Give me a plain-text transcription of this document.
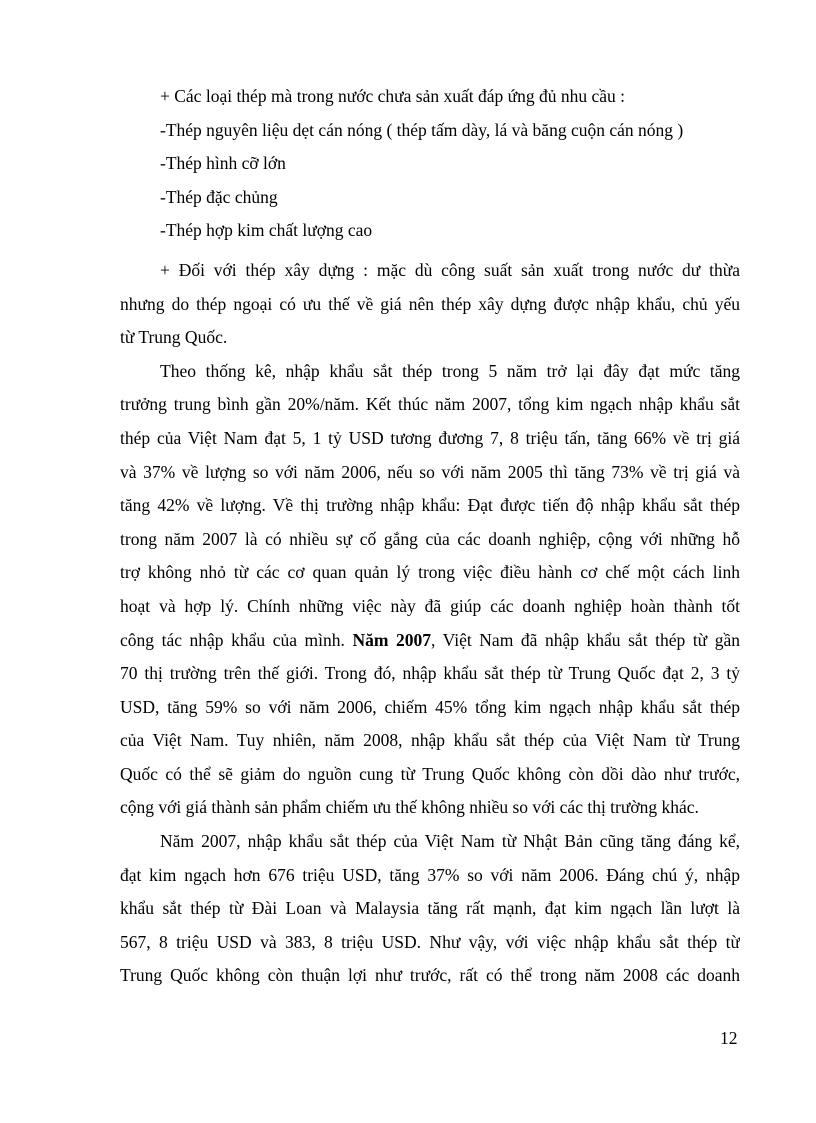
+ Các loại thép mà trong nước chưa sản xuất đáp ứng đủ nhu cầu :
-Thép nguyên liệu dẹt cán nóng ( thép tấm dày, lá và băng cuộn cán nóng )
-Thép hình cỡ lớn
-Thép đặc chủng
-Thép hợp kim chất lượng cao
+ Đối với thép xây dựng : mặc dù công suất sản xuất trong nước dư thừa
nhưng do thép ngoại có ưu thế về giá nên thép xây dựng được nhập khẩu, chủ yếu
từ Trung Quốc.
Theo thống kê, nhập khẩu sắt thép trong 5 năm trở lại đây đạt mức tăng
trưởng trung bình gần 20%/năm. Kết thúc năm 2007, tổng kim ngạch nhập khẩu sắt
thép của Việt Nam đạt 5, 1 tỷ USD tương đương 7, 8 triệu tấn, tăng 66% về trị giá
và 37% về lượng so với năm 2006, nếu so với năm 2005 thì tăng 73% về trị giá và
tăng 42% về lượng. Về thị trường nhập khẩu: Đạt được tiến độ nhập khẩu sắt thép
trong năm 2007 là có nhiều sự cố gắng của các doanh nghiệp, cộng với những hỗ
trợ không nhỏ từ các cơ quan quản lý trong việc điều hành cơ chế một cách linh
hoạt và hợp lý. Chính những việc này đã giúp các doanh nghiệp hoàn thành tốt
công tác nhập khẩu của mình. Năm 2007, Việt Nam đã nhập khẩu sắt thép từ gần
70 thị trường trên thế giới. Trong đó, nhập khẩu sắt thép từ Trung Quốc đạt 2, 3 tỷ
USD, tăng 59% so với năm 2006, chiếm 45% tổng kim ngạch nhập khẩu sắt thép
của Việt Nam. Tuy nhiên, năm 2008, nhập khẩu sắt thép của Việt Nam từ Trung
Quốc có thể sẽ giảm do nguồn cung từ Trung Quốc không còn dồi dào như trước,
cộng với giá thành sản phẩm chiếm ưu thế không nhiều so với các thị trường khác.
Năm 2007, nhập khẩu sắt thép của Việt Nam từ Nhật Bản cũng tăng đáng kể,
đạt kim ngạch hơn 676 triệu USD, tăng 37% so với năm 2006. Đáng chú ý, nhập
khẩu sắt thép từ Đài Loan và Malaysia tăng rất mạnh, đạt kim ngạch lần lượt là
567, 8 triệu USD và 383, 8 triệu USD. Như vậy, với việc nhập khẩu sắt thép từ
Trung Quốc không còn thuận lợi như trước, rất có thể trong năm 2008 các doanh
12
